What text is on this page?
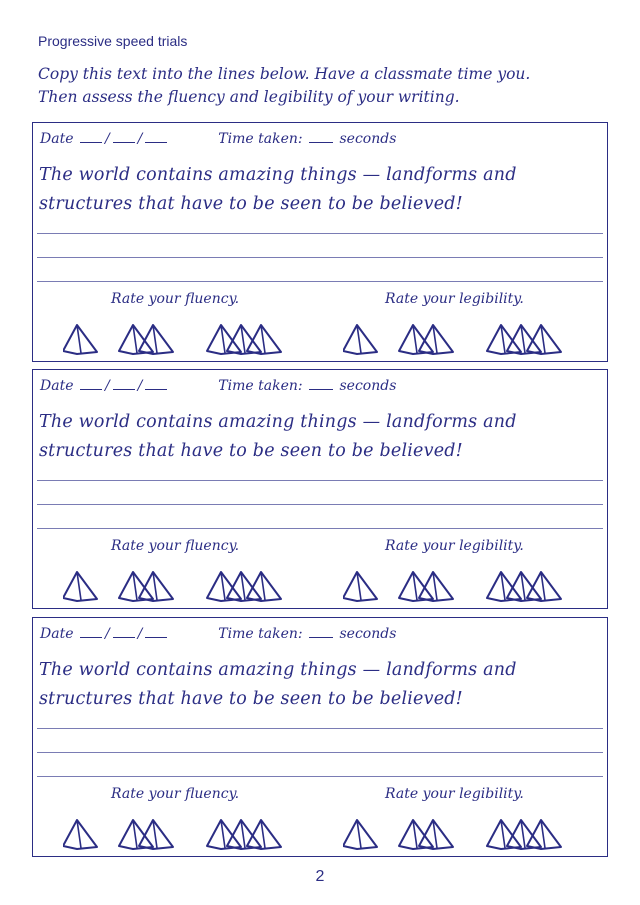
Progressive speed trials
Copy this text into the lines below. Have a classmate time you.
Then assess the fluency and legibility of your writing.
Date / /	Time taken:	seconds
The world contains amazing things — landforms and
structures that have to be seen to be believed!
Rate your fluency.	Rate your legibility.
Date / /	Time taken:	seconds
The world contains amazing things — landforms and
structures that have to be seen to be believed!
Rate your fluency.	Rate your legibility.
Date / /	Time taken:	seconds
The world contains amazing things — landforms and
structures that have to be seen to be believed!
Rate your fluency.	Rate your legibility.
2
